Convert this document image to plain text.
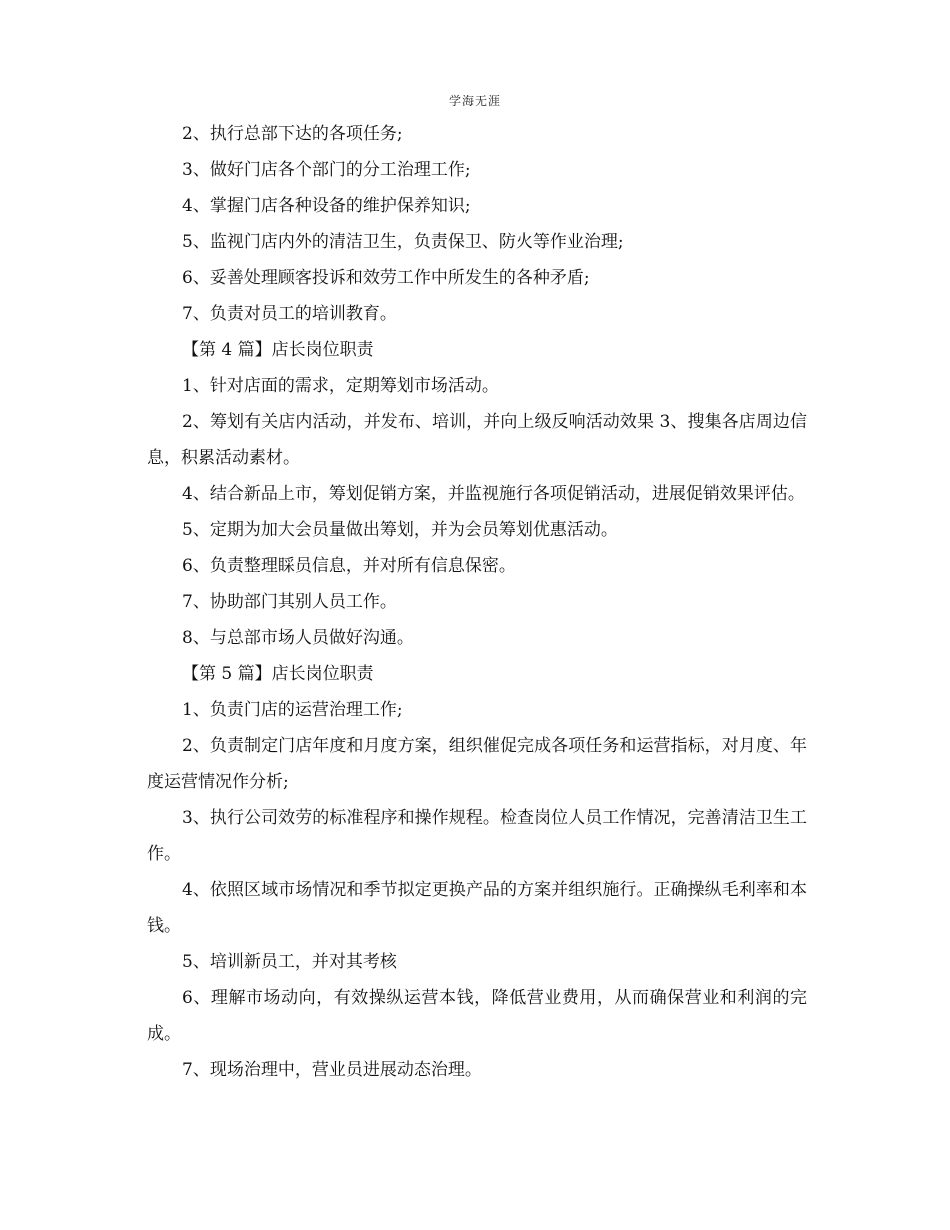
学海无涯

2、执行总部下达的各项任务;

3、做好门店各个部门的分工治理工作;

4、掌握门店各种设备的维护保养知识;

5、监视门店内外的清洁卫生，负责保卫、防火等作业治理;

6、妥善处理顾客投诉和效劳工作中所发生的各种矛盾;

7、负责对员工的培训教育。

【第 4 篇】店长岗位职责

1、针对店面的需求，定期筹划市场活动。

2、筹划有关店内活动，并发布、培训，并向上级反响活动效果 3、搜集各店周边信息，积累活动素材。

4、结合新品上市，筹划促销方案，并监视施行各项促销活动，进展促销效果评估。

5、定期为加大会员量做出筹划，并为会员筹划优惠活动。

6、负责整理睬员信息，并对所有信息保密。

7、协助部门其别人员工作。

8、与总部市场人员做好沟通。

【第 5 篇】店长岗位职责

1、负责门店的运营治理工作;

2、负责制定门店年度和月度方案，组织催促完成各项任务和运营指标，对月度、年度运营情况作分析;

3、执行公司效劳的标准程序和操作规程。检查岗位人员工作情况，完善清洁卫生工作。

4、依照区域市场情况和季节拟定更换产品的方案并组织施行。正确操纵毛利率和本钱。

5、培训新员工，并对其考核

6、理解市场动向，有效操纵运营本钱，降低营业费用，从而确保营业和利润的完成。

7、现场治理中，营业员进展动态治理。
